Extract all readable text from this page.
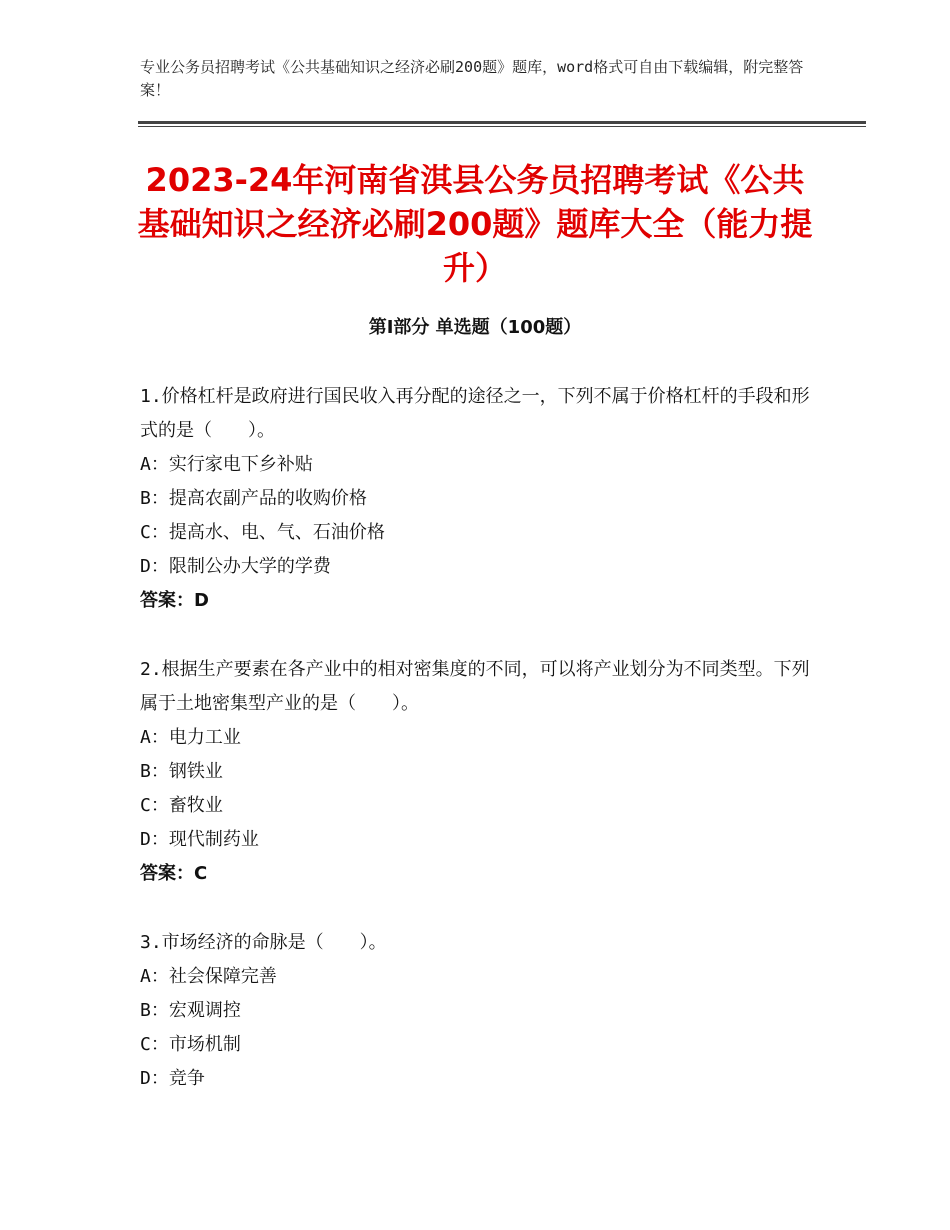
专业公务员招聘考试《公共基础知识之经济必刷200题》题库，word格式可自由下载编辑，附完整答案！
2023-24年河南省淇县公务员招聘考试《公共基础知识之经济必刷200题》题库大全（能力提升）
第Ⅰ部分 单选题（100题）

1.价格杠杆是政府进行国民收入再分配的途径之一，下列不属于价格杠杆的手段和形式的是（　　）。

A：实行家电下乡补贴

B：提高农副产品的收购价格

C：提高水、电、气、石油价格

D：限制公办大学的学费

答案：D

2.根据生产要素在各产业中的相对密集度的不同，可以将产业划分为不同类型。下列属于土地密集型产业的是（　　）。

A：电力工业

B：钢铁业

C：畜牧业

D：现代制药业

答案：C

3.市场经济的命脉是（　　）。

A：社会保障完善

B：宏观调控

C：市场机制

D：竞争
